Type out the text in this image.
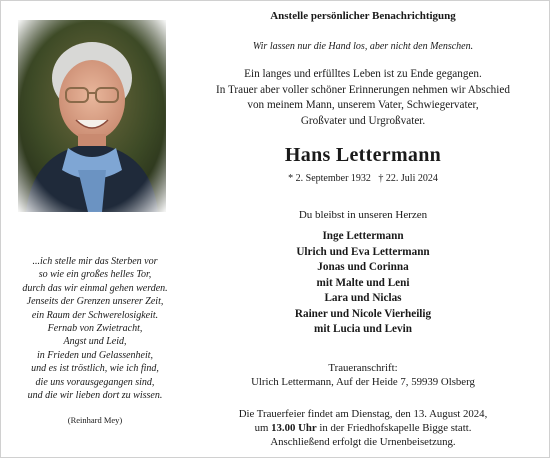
...ich stelle mir das Sterben vor
so wie ein großes helles Tor,
durch das wir einmal gehen werden.
Jenseits der Grenzen unserer Zeit,
ein Raum der Schwerelosigkeit.
Fernab von Zwietracht,
Angst und Leid,
in Frieden und Gelassenheit,
und es ist tröstlich, wie ich find,
die uns vorausgegangen sind,
und die wir lieben dort zu wissen.
(Reinhard Mey)
Anstelle persönlicher Benachrichtigung
Wir lassen nur die Hand los, aber nicht den Menschen.
Ein langes und erfülltes Leben ist zu Ende gegangen.
In Trauer aber voller schöner Erinnerungen nehmen wir Abschied
von meinem Mann, unserem Vater, Schwiegervater,
Großvater und Urgroßvater.
Hans Lettermann
* 2. September 1932   † 22. Juli 2024
Du bleibst in unseren Herzen
Inge Lettermann
Ulrich und Eva Lettermann
Jonas und Corinna
mit Malte und Leni
Lara und Niclas
Rainer und Nicole Vierheilig
mit Lucia und Levin
Traueranschrift:
Ulrich Lettermann, Auf der Heide 7, 59939 Olsberg
Die Trauerfeier findet am Dienstag, den 13. August 2024,
um 13.00 Uhr in der Friedhofskapelle Bigge statt.
Anschließend erfolgt die Urnenbeisetzung.
